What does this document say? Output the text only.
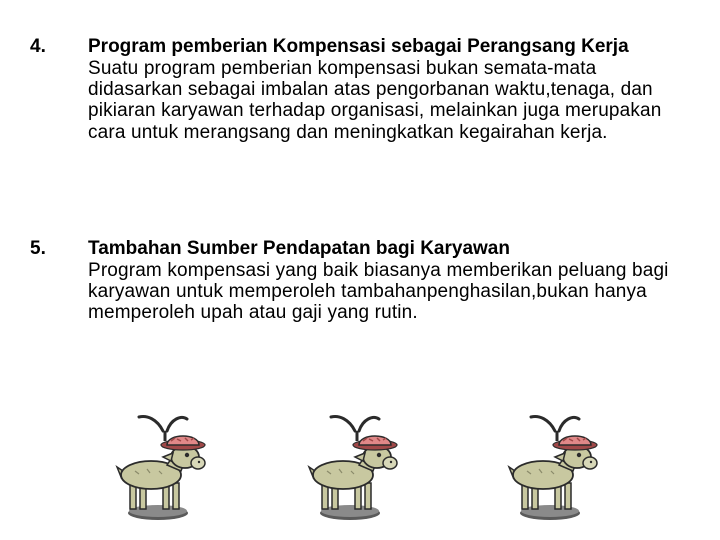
4.	Program pemberian Kompensasi sebagai Perangsang Kerja
Suatu program pemberian kompensasi bukan semata-mata didasarkan sebagai imbalan atas pengorbanan waktu,tenaga, dan pikiaran karyawan terhadap organisasi, melainkan juga merupakan cara untuk merangsang dan meningkatkan kegairahan kerja.
5.	Tambahan Sumber Pendapatan bagi Karyawan
Program kompensasi yang baik biasanya memberikan peluang bagi karyawan untuk memperoleh tambahanpenghasilan,bukan hanya memperoleh upah atau gaji yang rutin.
